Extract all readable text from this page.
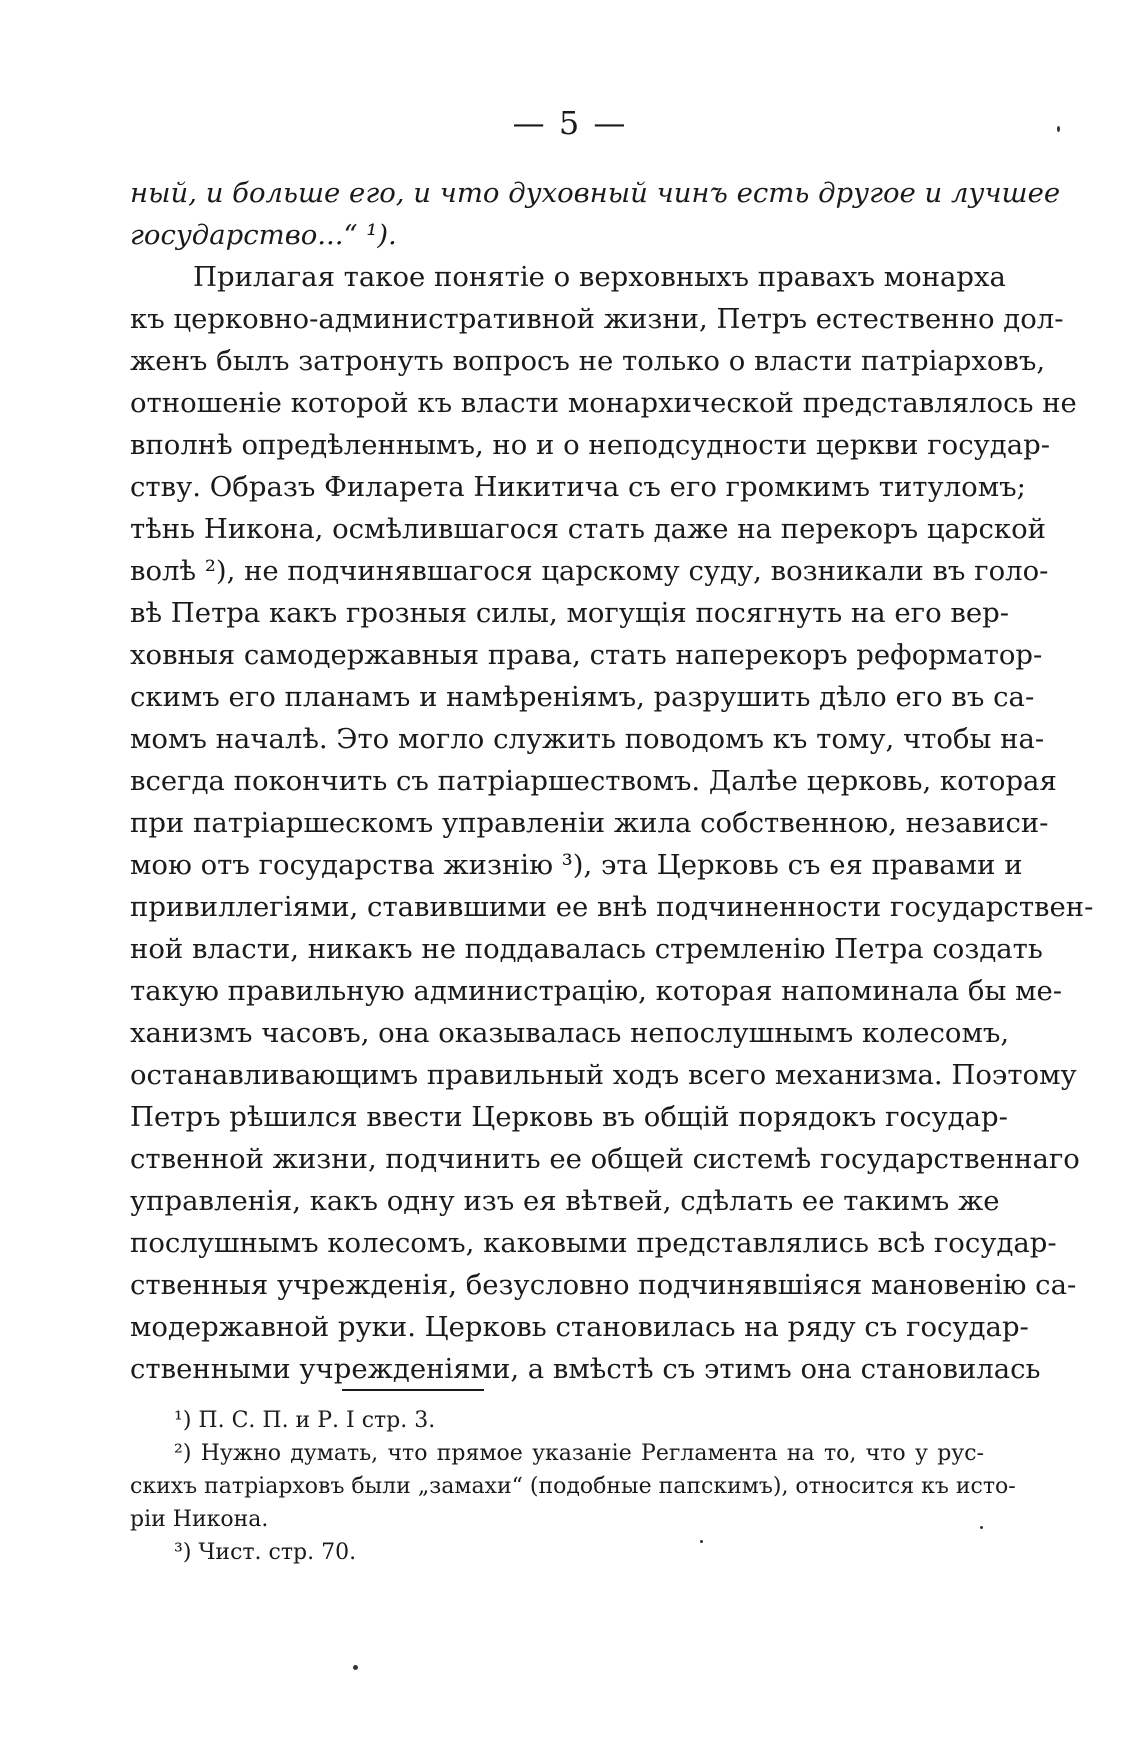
— 5 —
ный, и больше его, и что духовный чинъ есть другое и лучшее
государство...“ ¹).
Прилагая такое понятіе о верховныхъ правахъ монарха
къ церковно-административной жизни, Петръ естественно дол-
женъ былъ затронуть вопросъ не только о власти патріарховъ,
отношеніе которой къ власти монархической представлялось не
вполнѣ опредѣленнымъ, но и о неподсудности церкви государ-
ству. Образъ Филарета Никитича съ его громкимъ титуломъ;
тѣнь Никона, осмѣлившагося стать даже на перекоръ царской
волѣ ²), не подчинявшагося царскому суду, возникали въ голо-
вѣ Петра какъ грозныя силы, могущія посягнуть на его вер-
ховныя самодержавныя права, стать наперекоръ реформатор-
скимъ его планамъ и намѣреніямъ, разрушить дѣло его въ са-
момъ началѣ. Это могло служить поводомъ къ тому, чтобы на-
всегда покончить съ патріаршествомъ. Далѣе церковь, которая
при патріаршескомъ управленіи жила собственною, независи-
мою отъ государства жизнію ³), эта Церковь съ ея правами и
привиллегіями, ставившими ее внѣ подчиненности государствен-
ной власти, никакъ не поддавалась стремленію Петра создать
такую правильную администрацію, которая напоминала бы ме-
ханизмъ часовъ, она оказывалась непослушнымъ колесомъ,
останавливающимъ правильный ходъ всего механизма. Поэтому
Петръ рѣшился ввести Церковь въ общій порядокъ государ-
ственной жизни, подчинить ее общей системѣ государственнаго
управленія, какъ одну изъ ея вѣтвей, сдѣлать ее такимъ же
послушнымъ колесомъ, каковыми представлялись всѣ государ-
ственныя учрежденія, безусловно подчинявшіяся мановенію са-
модержавной руки. Церковь становилась на ряду съ государ-
ственными учрежденіями, а вмѣстѣ съ этимъ она становилась
¹) П. С. П. и Р. I стр. 3.
²) Нужно думать, что прямое указаніе Регламента на то, что у рус-
скихъ патріарховъ были „замахи“ (подобные папскимъ), относится къ исто-
ріи Никона.
³) Чист. стр. 70.
